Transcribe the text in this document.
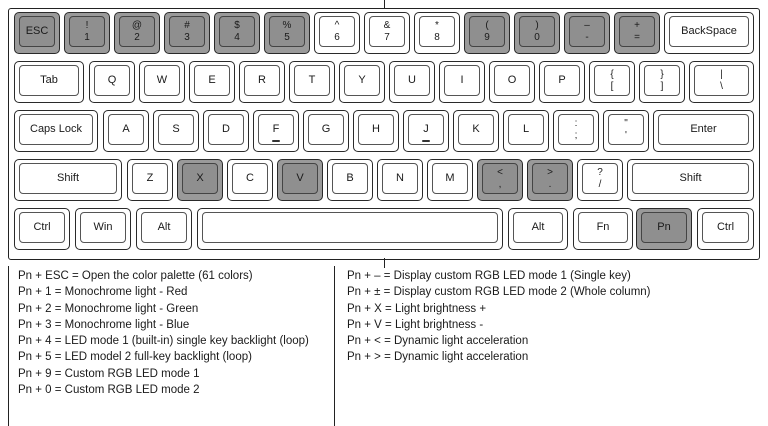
ESC	!
1
@
2
#
3
$
4
%
5
^
6
&
7
*
8
(
9
)
0
–
-
+
=	BackSpace
Tab	Q	W	E	R	T	Y	U	I	O	P	{
[
}
]
|
\
Caps Lock	A	S	D	F	G	H	J	K	L	:
;
"
'	Enter
Shift	Z	X	C	V	B	N	M	<
,
>
.
?
/	Shift
Ctrl	Win	Alt	Alt	Fn	Pn	Ctrl
Pn + ESC = Open the color palette (61 colors)
Pn + 1 = Monochrome light - Red
Pn + 2 = Monochrome light - Green
Pn + 3 = Monochrome light - Blue
Pn + 4 = LED mode 1 (built-in) single key backlight (loop)
Pn + 5 = LED model 2 full-key backlight (loop)
Pn + 9 = Custom RGB LED mode 1
Pn + 0 = Custom RGB LED mode 2
Pn + – = Display custom RGB LED mode 1 (Single key)
Pn + ± = Display custom RGB LED mode 2 (Whole column)
Pn + X = Light brightness +
Pn + V = Light brightness -
Pn + < = Dynamic light acceleration
Pn + > = Dynamic light acceleration
